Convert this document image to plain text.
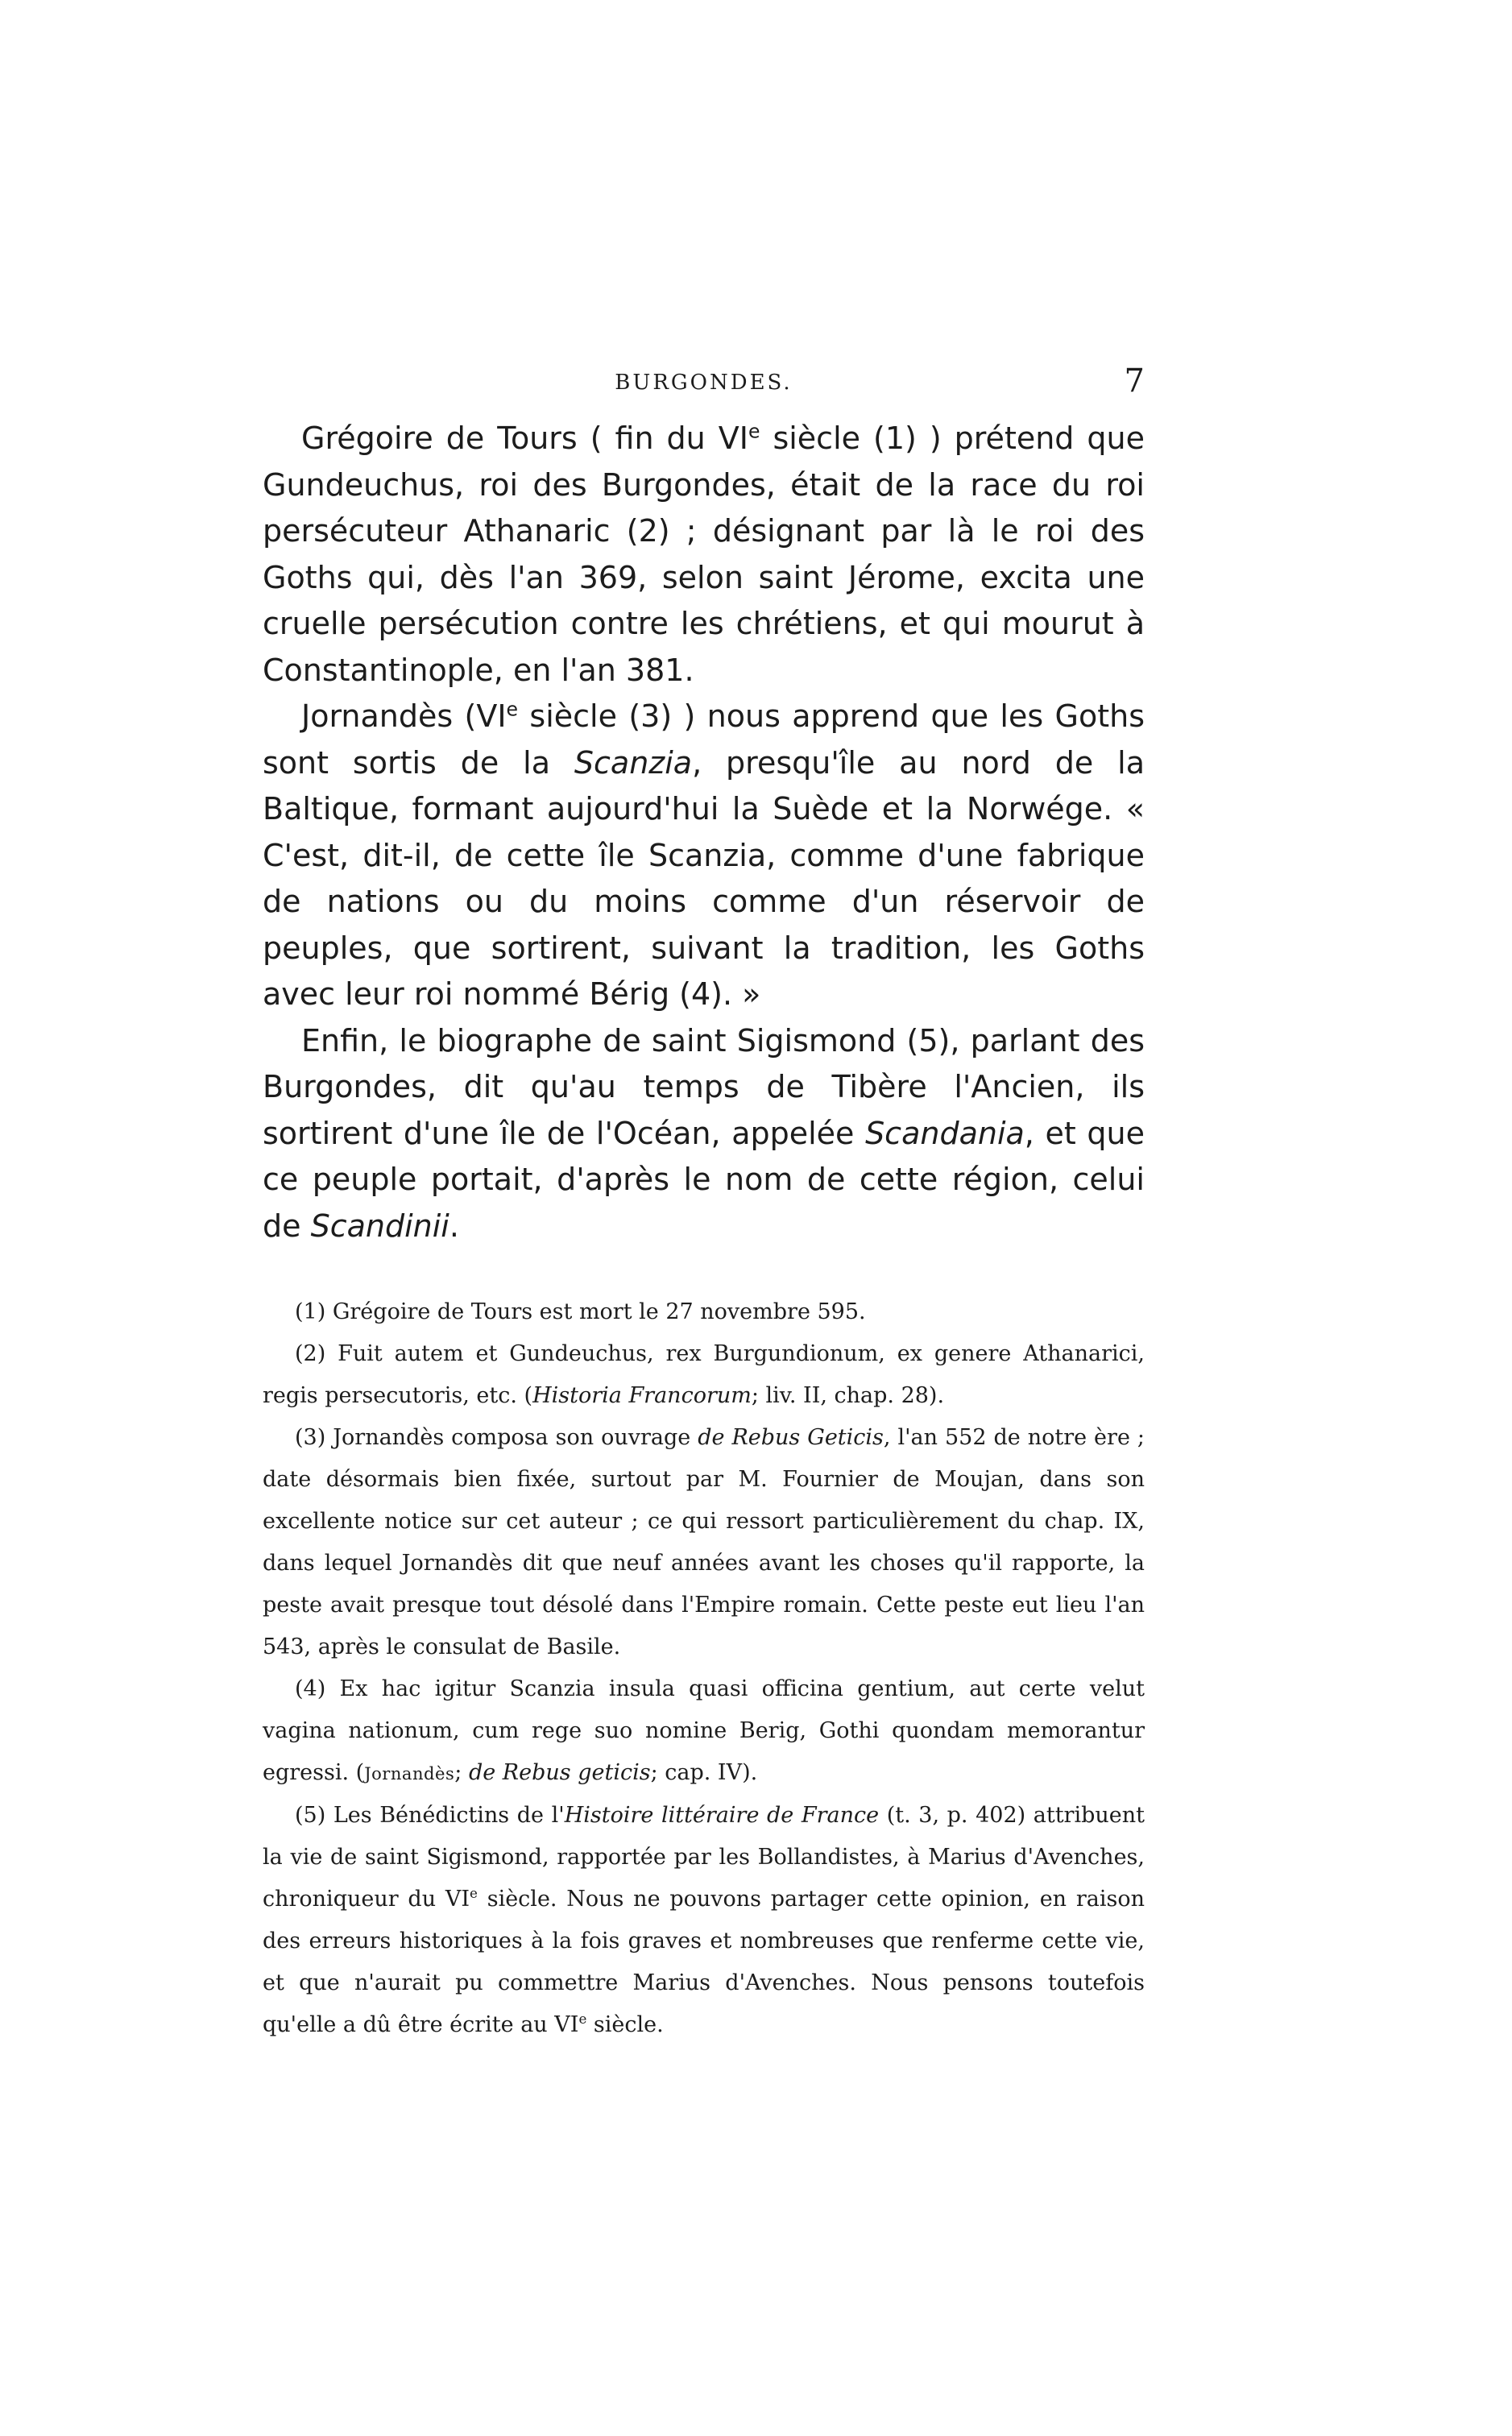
BURGONDES.	7

Grégoire de Tours ( fin du VIe siècle (1) ) prétend que Gundeuchus, roi des Burgondes, était de la race du roi persécuteur Athanaric (2) ; désignant par là le roi des Goths qui, dès l'an 369, selon saint Jérome, excita une cruelle persécution contre les chrétiens, et qui mourut à Constantinople, en l'an 381.

Jornandès (VIe siècle (3) ) nous apprend que les Goths sont sortis de la Scanzia, presqu'île au nord de la Baltique, formant aujourd'hui la Suède et la Norwége. « C'est, dit-il, de cette île Scanzia, comme d'une fabrique de nations ou du moins comme d'un réservoir de peuples, que sortirent, suivant la tradition, les Goths avec leur roi nommé Bérig (4). »

Enfin, le biographe de saint Sigismond (5), parlant des Burgondes, dit qu'au temps de Tibère l'Ancien, ils sortirent d'une île de l'Océan, appelée Scandania, et que ce peuple portait, d'après le nom de cette région, celui de Scandinii.

(1) Grégoire de Tours est mort le 27 novembre 595.

(2) Fuit autem et Gundeuchus, rex Burgundionum, ex genere Athanarici, regis persecutoris, etc. (Historia Francorum; liv. II, chap. 28).

(3) Jornandès composa son ouvrage de Rebus Geticis, l'an 552 de notre ère ; date désormais bien fixée, surtout par M. Fournier de Moujan, dans son excellente notice sur cet auteur ; ce qui ressort particulièrement du chap. IX, dans lequel Jornandès dit que neuf années avant les choses qu'il rapporte, la peste avait presque tout désolé dans l'Empire romain. Cette peste eut lieu l'an 543, après le consulat de Basile.

(4) Ex hac igitur Scanzia insula quasi officina gentium, aut certe velut vagina nationum, cum rege suo nomine Berig, Gothi quondam memorantur egressi. (Jornandès; de Rebus geticis; cap. IV).

(5) Les Bénédictins de l'Histoire littéraire de France (t. 3, p. 402) attribuent la vie de saint Sigismond, rapportée par les Bollandistes, à Marius d'Avenches, chroniqueur du VIe siècle. Nous ne pouvons partager cette opinion, en raison des erreurs historiques à la fois graves et nombreuses que renferme cette vie, et que n'aurait pu commettre Marius d'Avenches. Nous pensons toutefois qu'elle a dû être écrite au VIe siècle.
